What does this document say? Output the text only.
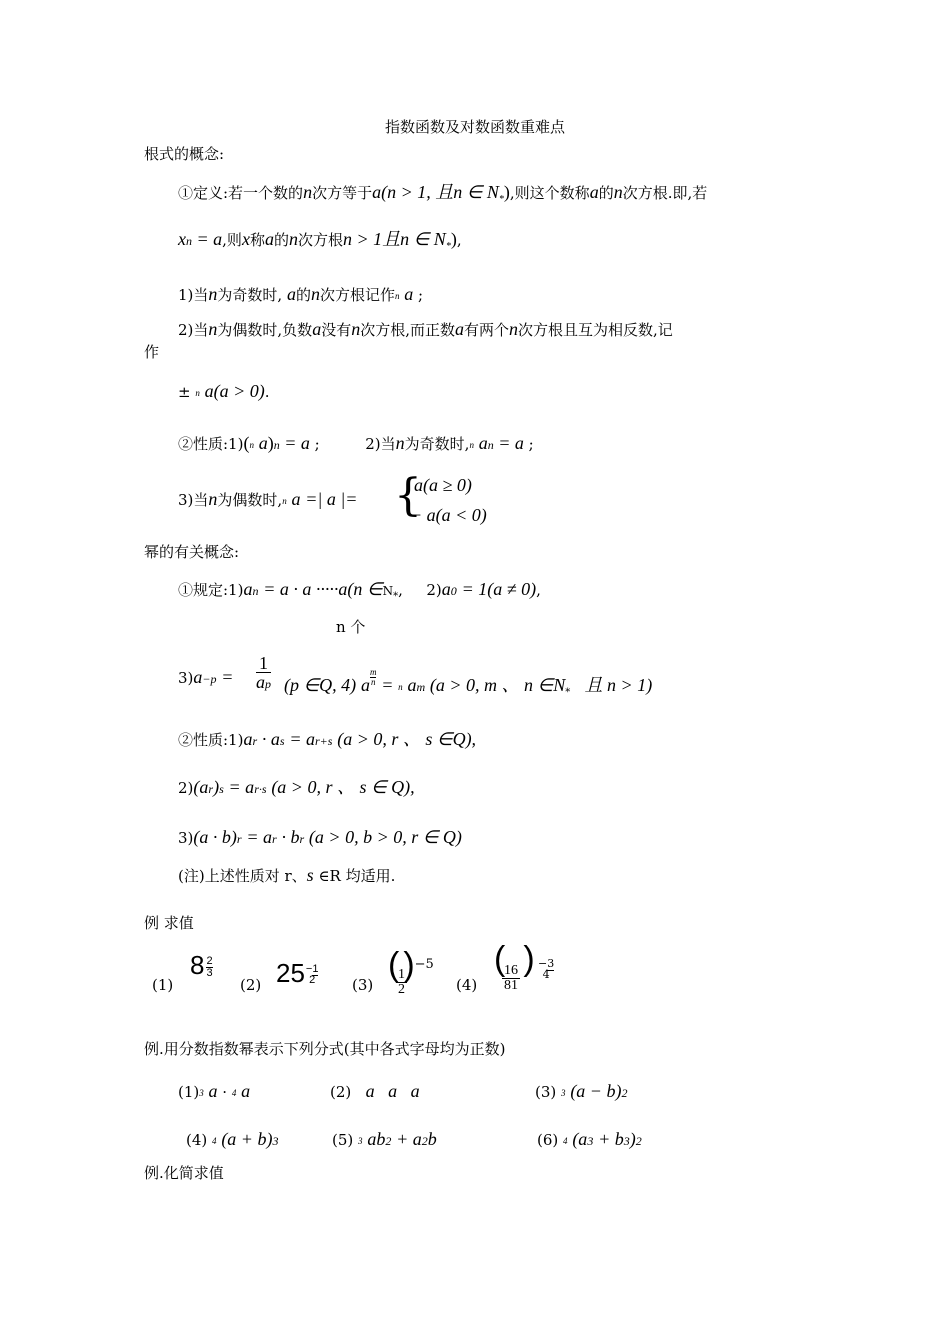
指数函数及对数函数重难点
根式的概念:
①定义:若一个数的n次方等于a(n > 1, 且n ∈ $N_*$),则这个数称a的n次方根.即,若
xn = a,则x称a的n次方根n > 1且n ∈ $N_*$),
1)当n为奇数时, a的n次方根记作n a ;
2)当n为偶数时,负数a没有n次方根,而正数a有两个n次方根且互为相反数,记
作
± n a(a > 0).
②性质:1)(n a)n = a ;	2)当n为奇数时,n an = a ;
3)当n为偶数时,n a =| a |= {
a(a ≥ 0)
− a(a < 0)
幂的有关概念:
①规定:1)an = a · a ·····a(n $\in N_*$,  2)a0 = 1(a ≠ 0),
n 个
$3)a-p = \frac{1}{ap} (p$ ∈Q, 4) a $\frac{m}{n} = n$ am (a > 0, m 、 n $\in N_*$ 且 n > 1)
②性质:1)ar · as = ar+s (a > 0, r 、 s ∈Q),
2)(ar)s = ar·s (a > 0, r 、 s ∈ Q),
3)(a · b)r = ar · br (a > 0, b > 0, r ∈ Q)
(注)上述性质对 r、s ∈R 均适用.
例 求值
(1)
$8 \frac{2}{3}$
(2) 25 −1
2 (3)
( )−5
1
2	(4)
( ) −3
4
16
81
例.用分数指数幂表示下列分式(其中各式字母均为正数)
(1)3 a · 4 a	(2) a   a   a	(3) 3 (a − b)2
(4) 4 (a + b)3	(5) 3 ab2 + a2b	(6) 4 (a3 + b3)2
例.化简求值
